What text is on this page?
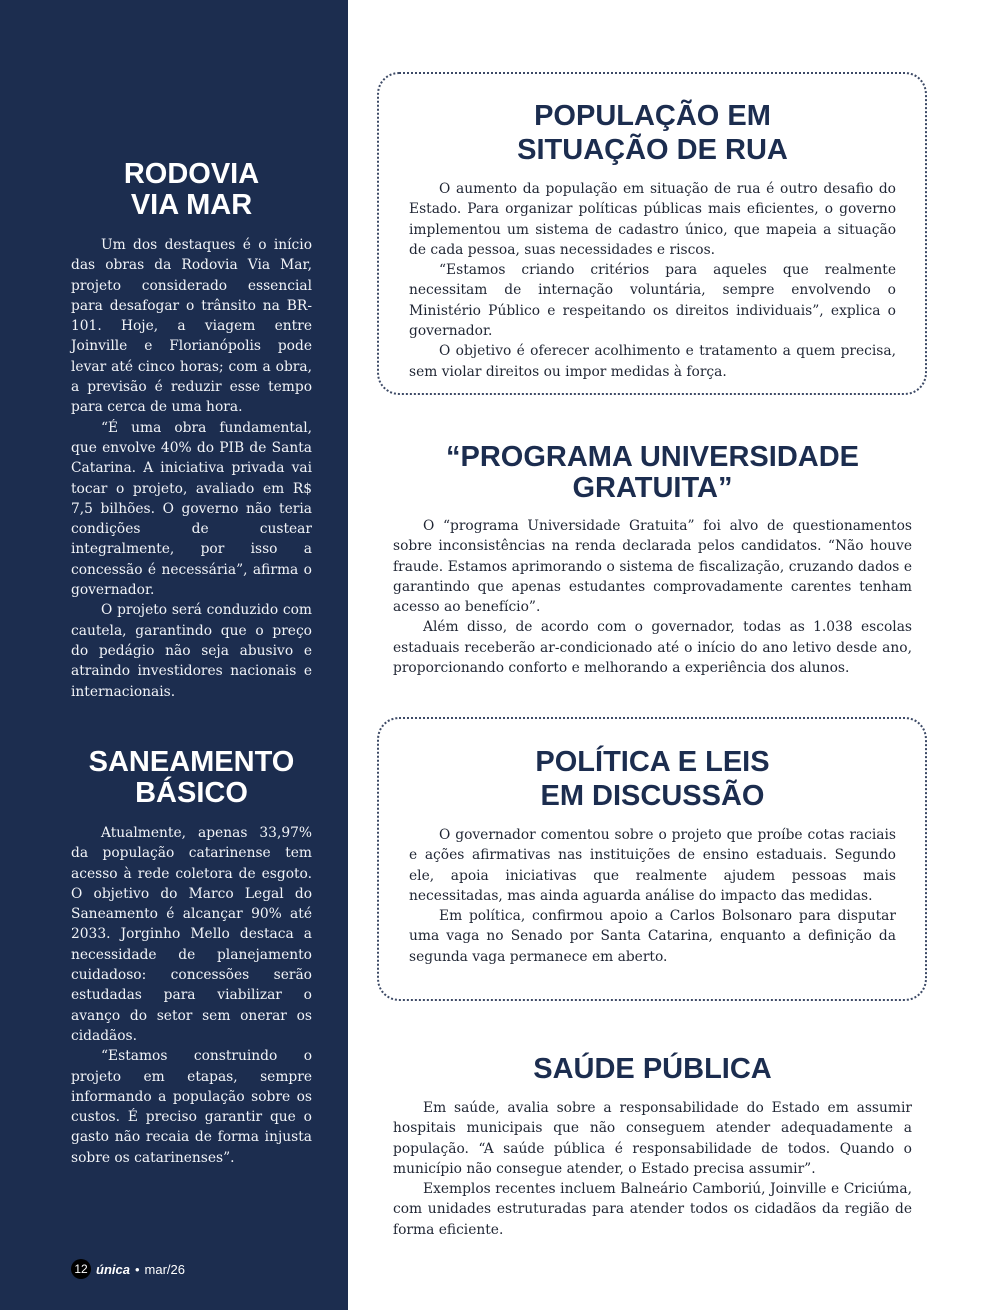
RODOVIA
VIA MAR

Um dos destaques é o início das obras da Rodovia Via Mar, projeto considerado essencial para desafogar o trânsito na BR-101. Hoje, a viagem entre Joinville e Florianópolis pode levar até cinco horas; com a obra, a previsão é reduzir esse tempo para cerca de uma hora.

“É uma obra fundamental, que envolve 40% do PIB de Santa Catarina. A iniciativa privada vai tocar o projeto, avaliado em R$ 7,5 bilhões. O governo não teria condições de custear integralmente, por isso a concessão é necessária”, afirma o governador.

O projeto será conduzido com cautela, garantindo que o preço do pedágio não seja abusivo e atraindo investidores nacionais e internacionais.

SANEAMENTO
BÁSICO

Atualmente, apenas 33,97% da população catarinense tem acesso à rede coletora de esgoto. O objetivo do Marco Legal do Saneamento é alcançar 90% até 2033. Jorginho Mello destaca a necessidade de planejamento cuidadoso: concessões serão estudadas para viabilizar o avanço do setor sem onerar os cidadãos.

“Estamos construindo o projeto em etapas, sempre informando a população sobre os custos. É preciso garantir que o gasto não recaia de forma injusta sobre os catarinenses”.

POPULAÇÃO EM
SITUAÇÃO DE RUA

O aumento da população em situação de rua é outro desafio do Estado. Para organizar políticas públicas mais eficientes, o governo implementou um sistema de cadastro único, que mapeia a situação de cada pessoa, suas necessidades e riscos.

“Estamos criando critérios para aqueles que realmente necessitam de internação voluntária, sempre envolvendo o Ministério Público e respeitando os direitos individuais”, explica o governador.

O objetivo é oferecer acolhimento e tratamento a quem precisa, sem violar direitos ou impor medidas à força.

“PROGRAMA UNIVERSIDADE
GRATUITA”

O “programa Universidade Gratuita” foi alvo de questionamentos sobre inconsistências na renda declarada pelos candidatos. “Não houve fraude. Estamos aprimorando o sistema de fiscalização, cruzando dados e garantindo que apenas estudantes comprovadamente carentes tenham acesso ao benefício”.

Além disso, de acordo com o governador, todas as 1.038 escolas estaduais receberão ar-condicionado até o início do ano letivo desde ano, proporcionando conforto e melhorando a experiência dos alunos.

POLÍTICA E LEIS
EM DISCUSSÃO

O governador comentou sobre o projeto que proíbe cotas raciais e ações afirmativas nas instituições de ensino estaduais. Segundo ele, apoia iniciativas que realmente ajudem pessoas mais necessitadas, mas ainda aguarda análise do impacto das medidas.

Em política, confirmou apoio a Carlos Bolsonaro para disputar uma vaga no Senado por Santa Catarina, enquanto a definição da segunda vaga permanece em aberto.

SAÚDE PÚBLICA

Em saúde, avalia sobre a responsabilidade do Estado em assumir hospitais municipais que não conseguem atender adequadamente a população. “A saúde pública é responsabilidade de todos. Quando o município não consegue atender, o Estado precisa assumir”.

Exemplos recentes incluem Balneário Camboriú, Joinville e Criciúma, com unidades estruturadas para atender todos os cidadãos da região de forma eficiente.

12 única • mar/26
